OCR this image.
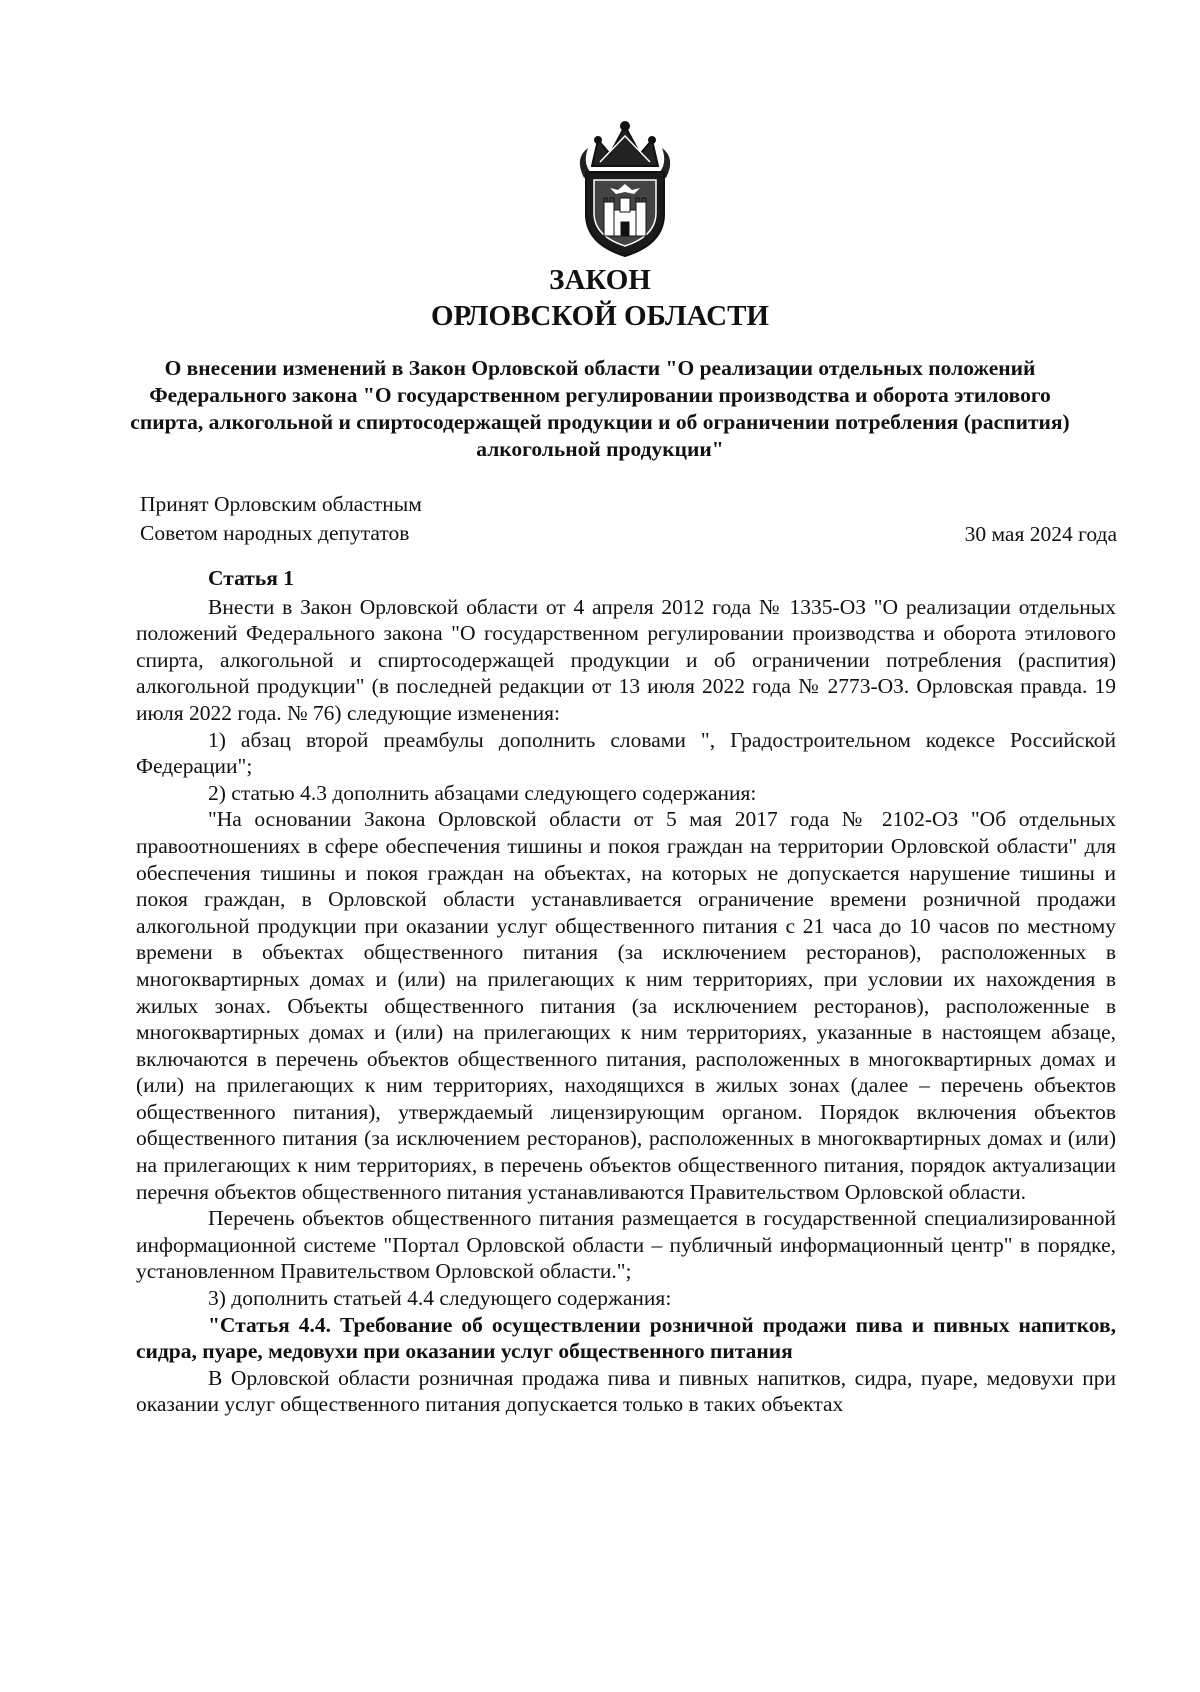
ЗАКОН
ОРЛОВСКОЙ ОБЛАСТИ
О внесении изменений в Закон Орловской области "О реализации отдельных положений Федерального закона "О государственном регулировании производства и оборота этилового спирта, алкогольной и спиртосодержащей продукции и об ограничении потребления (распития) алкогольной продукции"
Принят Орловским областным
Советом народных депутатов	30 мая 2024 года

Статья 1

Внести в Закон Орловской области от 4 апреля 2012 года № 1335-ОЗ "О реализации отдельных положений Федерального закона "О государственном регулировании производства и оборота этилового спирта, алкогольной и спиртосодержащей продукции и об ограничении потребления (распития) алкогольной продукции" (в последней редакции от 13 июля 2022 года № 2773-ОЗ. Орловская правда. 19 июля 2022 года. № 76) следующие изменения:

1) абзац второй преамбулы дополнить словами ", Градостроительном кодексе Российской Федерации";

2) статью 4.3 дополнить абзацами следующего содержания:

"На основании Закона Орловской области от 5 мая 2017 года № 2102-ОЗ "Об отдельных правоотношениях в сфере обеспечения тишины и покоя граждан на территории Орловской области" для обеспечения тишины и покоя граждан на объектах, на которых не допускается нарушение тишины и покоя граждан, в Орловской области устанавливается ограничение времени розничной продажи алкогольной продукции при оказании услуг общественного питания с 21 часа до 10 часов по местному времени в объектах общественного питания (за исключением ресторанов), расположенных в многоквартирных домах и (или) на прилегающих к ним территориях, при условии их нахождения в жилых зонах. Объекты общественного питания (за исключением ресторанов), расположенные в многоквартирных домах и (или) на прилегающих к ним территориях, указанные в настоящем абзаце, включаются в перечень объектов общественного питания, расположенных в многоквартирных домах и (или) на прилегающих к ним территориях, находящихся в жилых зонах (далее – перечень объектов общественного питания), утверждаемый лицензирующим органом. Порядок включения объектов общественного питания (за исключением ресторанов), расположенных в многоквартирных домах и (или) на прилегающих к ним территориях, в перечень объектов общественного питания, порядок актуализации перечня объектов общественного питания устанавливаются Правительством Орловской области.

Перечень объектов общественного питания размещается в государственной специализированной информационной системе "Портал Орловской области – публичный информационный центр" в порядке, установленном Правительством Орловской области.";

3) дополнить статьей 4.4 следующего содержания:

"Статья 4.4. Требование об осуществлении розничной продажи пива и пивных напитков, сидра, пуаре, медовухи при оказании услуг общественного питания

В Орловской области розничная продажа пива и пивных напитков, сидра, пуаре, медовухи при оказании услуг общественного питания допускается только в таких объектах
